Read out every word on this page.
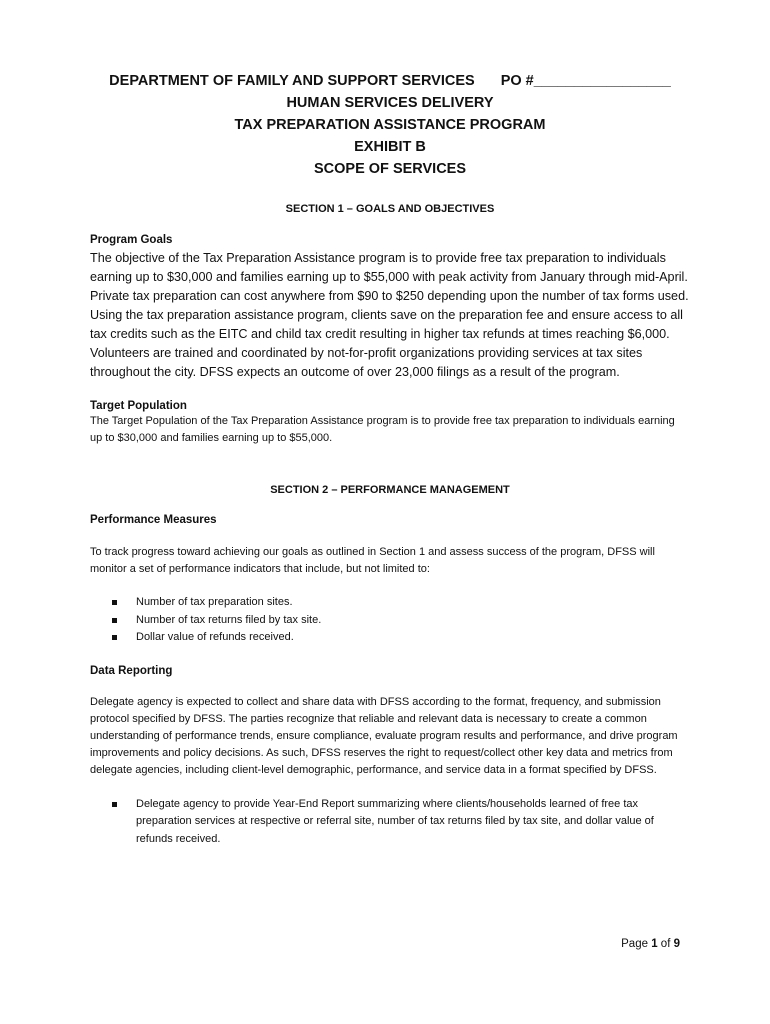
DEPARTMENT OF FAMILY AND SUPPORT SERVICES PO #_________________
HUMAN SERVICES DELIVERY
TAX PREPARATION ASSISTANCE PROGRAM
EXHIBIT B
SCOPE OF SERVICES

SECTION 1 – GOALS AND OBJECTIVES

Program Goals

The objective of the Tax Preparation Assistance program is to provide free tax preparation to individuals earning up to $30,000 and families earning up to $55,000 with peak activity from January through mid-April. Private tax preparation can cost anywhere from $90 to $250 depending upon the number of tax forms used. Using the tax preparation assistance program, clients save on the preparation fee and ensure access to all tax credits such as the EITC and child tax credit resulting in higher tax refunds at times reaching $6,000. Volunteers are trained and coordinated by not-for-profit organizations providing services at tax sites throughout the city. DFSS expects an outcome of over 23,000 filings as a result of the program.

Target Population

The Target Population of the Tax Preparation Assistance program is to provide free tax preparation to individuals earning up to $30,000 and families earning up to $55,000.

SECTION 2 – PERFORMANCE MANAGEMENT

Performance Measures

To track progress toward achieving our goals as outlined in Section 1 and assess success of the program, DFSS will monitor a set of performance indicators that include, but not limited to:

Number of tax preparation sites.
Number of tax returns filed by tax site.
Dollar value of refunds received.

Data Reporting

Delegate agency is expected to collect and share data with DFSS according to the format, frequency, and submission protocol specified by DFSS. The parties recognize that reliable and relevant data is necessary to create a common understanding of performance trends, ensure compliance, evaluate program results and performance, and drive program improvements and policy decisions. As such, DFSS reserves the right to request/collect other key data and metrics from delegate agencies, including client-level demographic, performance, and service data in a format specified by DFSS.

Delegate agency to provide Year-End Report summarizing where clients/households learned of free tax preparation services at respective or referral site, number of tax returns filed by tax site, and dollar value of refunds received.
Page 1 of 9
